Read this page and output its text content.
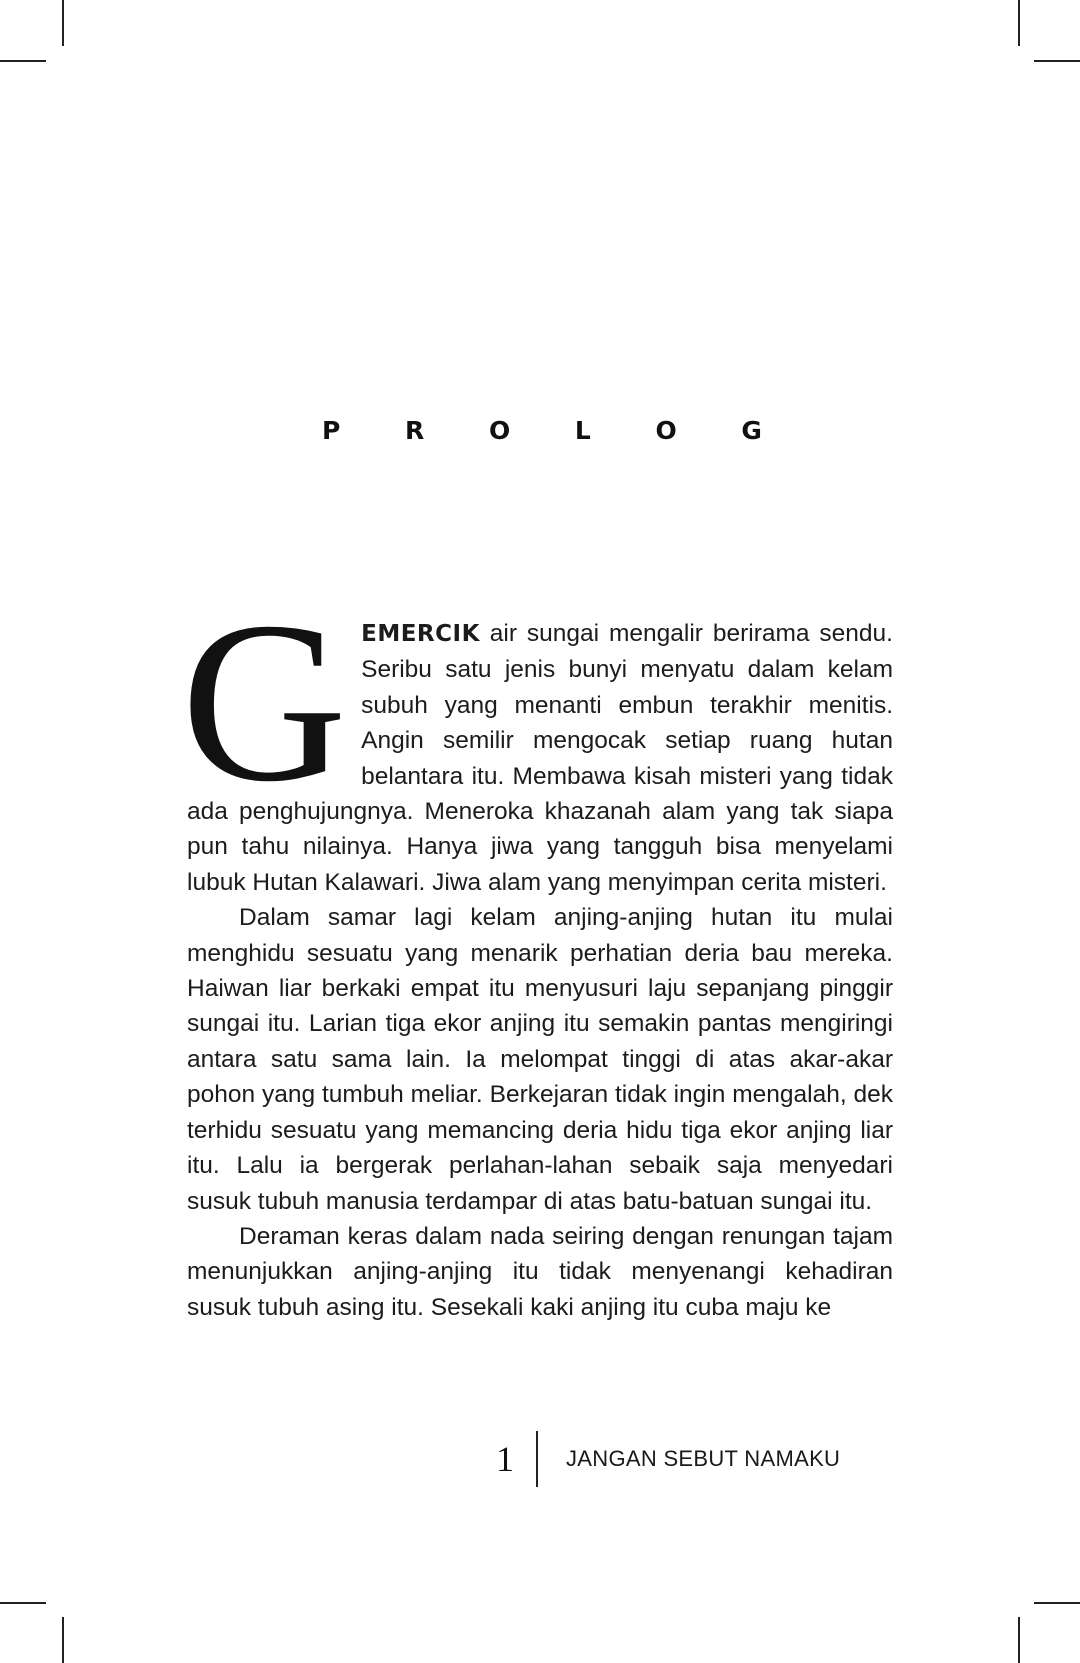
P	R	O	L	O	G

GEMERCIK air sungai mengalir berirama sendu. Seribu satu jenis bunyi menyatu dalam kelam subuh yang menanti embun terakhir menitis. Angin semilir mengocak setiap ruang hutan belantara itu. Membawa kisah misteri yang tidak ada penghujungnya. Meneroka khazanah alam yang tak siapa pun tahu nilainya. Hanya jiwa yang tangguh bisa menyelami lubuk Hutan Kalawari. Jiwa alam yang menyimpan cerita misteri.

Dalam samar lagi kelam anjing-anjing hutan itu mulai menghidu sesuatu yang menarik perhatian deria bau mereka. Haiwan liar berkaki empat itu menyusuri laju sepanjang pinggir sungai itu. Larian tiga ekor anjing itu semakin pantas mengiringi antara satu sama lain. Ia melompat tinggi di atas akar-akar pohon yang tumbuh meliar. Berkejaran tidak ingin mengalah, dek terhidu sesuatu yang memancing deria hidu tiga ekor anjing liar itu. Lalu ia bergerak perlahan-lahan sebaik saja menyedari susuk tubuh manusia terdampar di atas batu-batuan sungai itu.

Deraman keras dalam nada seiring dengan renungan tajam menunjukkan anjing-anjing itu tidak menyenangi kehadiran susuk tubuh asing itu. Sesekali kaki anjing itu cuba maju ke

1	JANGAN SEBUT NAMAKU
